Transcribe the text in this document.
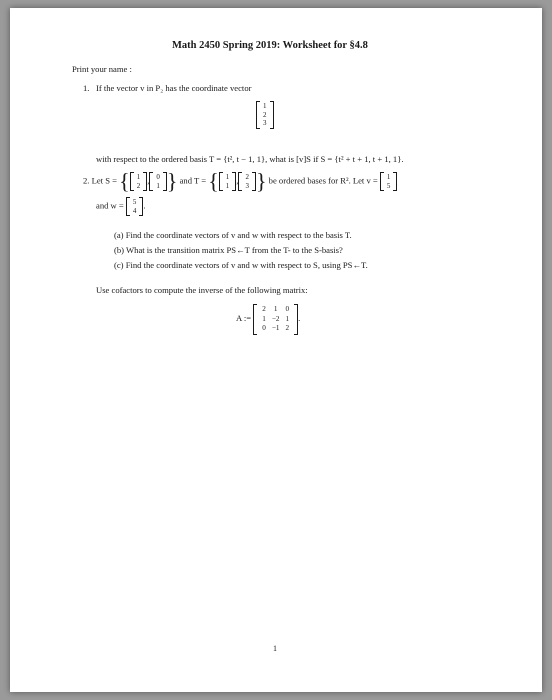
Math 2450 Spring 2019: Worksheet for §4.8
Print your name :
1. If the vector v in P₂ has the coordinate vector
1
2
3
with respect to the ordered basis T = {t², t − 1, 1}, what is [v]S if S = {t² + t + 1, t + 1, 1}.
2. Let S = { 1
2
, 0
1 } and T = { 1
1
, 2
3 } be ordered bases for R². Let v = 1
5
and w = 5
4
.
(a) Find the coordinate vectors of v and w with respect to the basis T.
(b) What is the transition matrix PS←T from the T- to the S-basis?
(c) Find the coordinate vectors of v and w with respect to S, using PS←T.
Use cofactors to compute the inverse of the following matrix:
A :=
2	1	0
1	−2	1
0	−1	2
.
1
